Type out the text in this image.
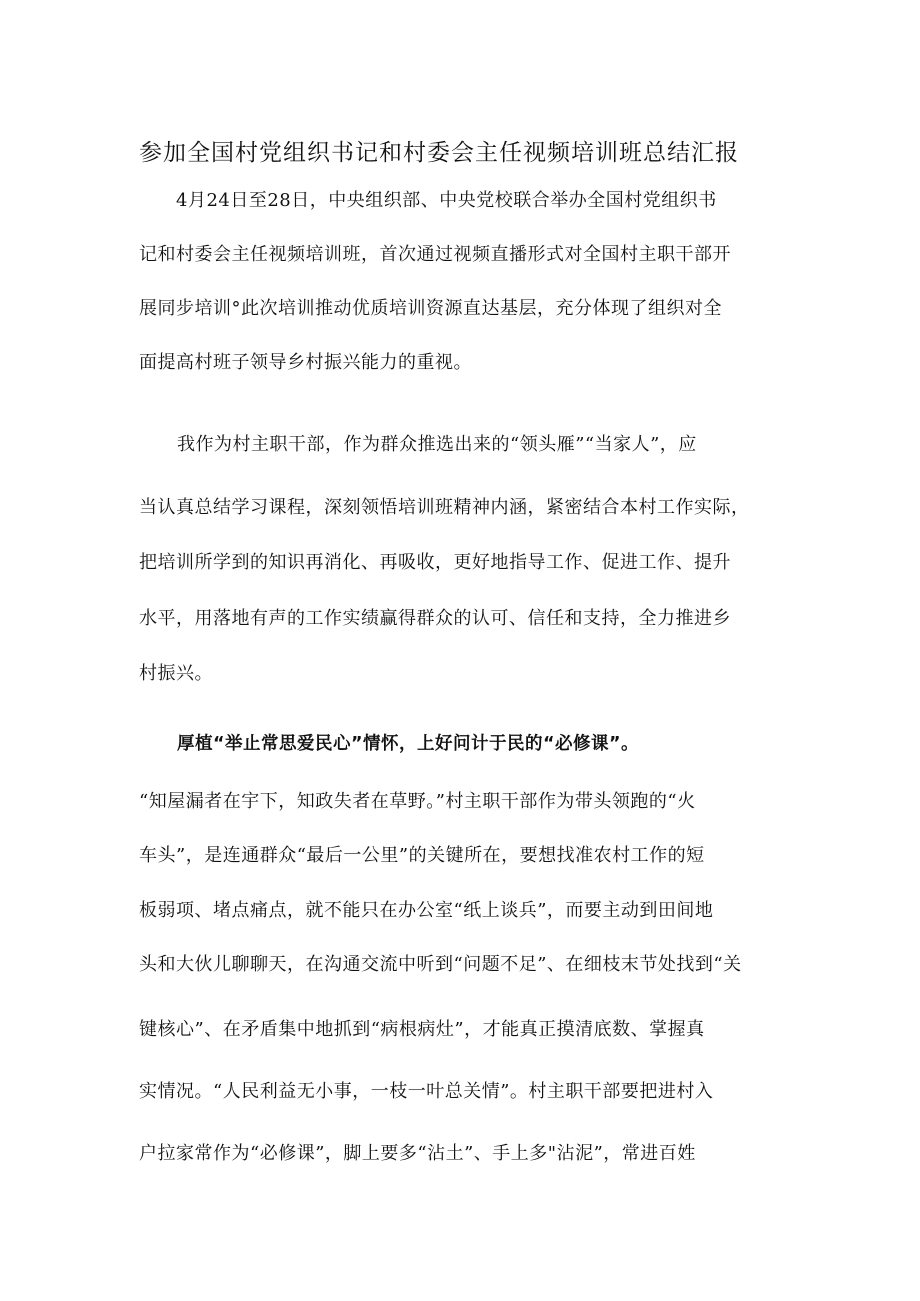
参加全国村党组织书记和村委会主任视频培训班总结汇报
4月24日至28日，中央组织部、中央党校联合举办全国村党组织书
记和村委会主任视频培训班，首次通过视频直播形式对全国村主职干部开
展同步培训°此次培训推动优质培训资源直达基层，充分体现了组织对全
面提高村班子领导乡村振兴能力的重视。
我作为村主职干部，作为群众推选出来的“领头雁”“当家人”，应
当认真总结学习课程，深刻领悟培训班精神内涵，紧密结合本村工作实际，
把培训所学到的知识再消化、再吸收，更好地指导工作、促进工作、提升
水平，用落地有声的工作实绩赢得群众的认可、信任和支持，全力推进乡
村振兴。
厚植“举止常思爱民心”情怀，上好问计于民的“必修课”。
“知屋漏者在宇下，知政失者在草野。”村主职干部作为带头领跑的“火
车头”，是连通群众“最后一公里”的关键所在，要想找准农村工作的短
板弱项、堵点痛点，就不能只在办公室“纸上谈兵”，而要主动到田间地
头和大伙儿聊聊天，在沟通交流中听到“问题不足”、在细枝末节处找到“关
键核心”、在矛盾集中地抓到“病根病灶”，才能真正摸清底数、掌握真
实情况。“人民利益无小事，一枝一叶总关情”。村主职干部要把进村入
户拉家常作为“必修课”，脚上要多“沾土”、手上多"沾泥”，常进百姓
